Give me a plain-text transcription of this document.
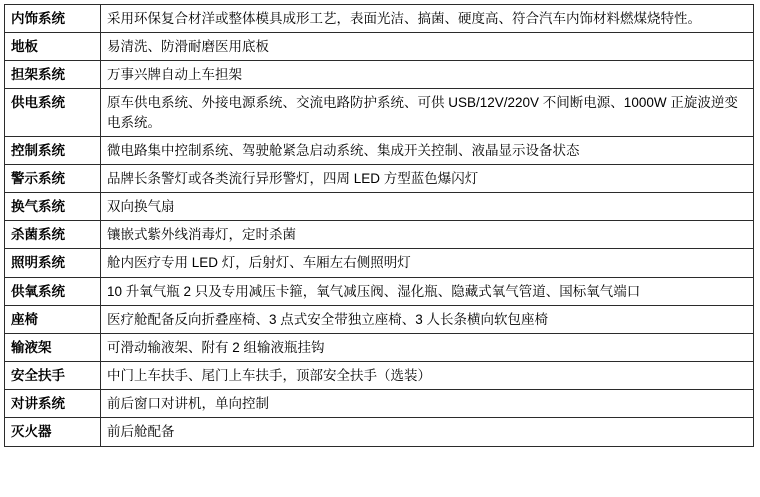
内饰系统	采用环保复合材洋或整体模具成形工艺，表面光洁、搞菌、硬度高、符合汽车内饰材料燃煤烧特性。
地板	易清洗、防滑耐磨医用底板
担架系统	万事兴牌自动上车担架
供电系统	原车供电系统、外接电源系统、交流电路防护系统、可供 USB/12V/220V 不间断电源、1000W 正旋波逆变电系统。
控制系统	微电路集中控制系统、驾驶舱紧急启动系统、集成开关控制、液晶显示设备状态
警示系统	品牌长条警灯或各类流行异形警灯，四周 LED 方型蓝色爆闪灯
换气系统	双向换气扇
杀菌系统	镶嵌式紫外线消毒灯，定时杀菌
照明系统	舱内医疗专用 LED 灯，后射灯、车厢左右侧照明灯
供氧系统	10 升氧气瓶 2 只及专用减压卡箍，氧气减压阀、湿化瓶、隐藏式氧气管道、国标氧气端口
座椅	医疗舱配备反向折叠座椅、3 点式安全带独立座椅、3 人长条横向软包座椅
输液架	可滑动输液架、附有 2 组输液瓶挂钩
安全扶手	中门上车扶手、尾门上车扶手，顶部安全扶手（选装）
对讲系统	前后窗口对讲机，单向控制
灭火器	前后舱配备
